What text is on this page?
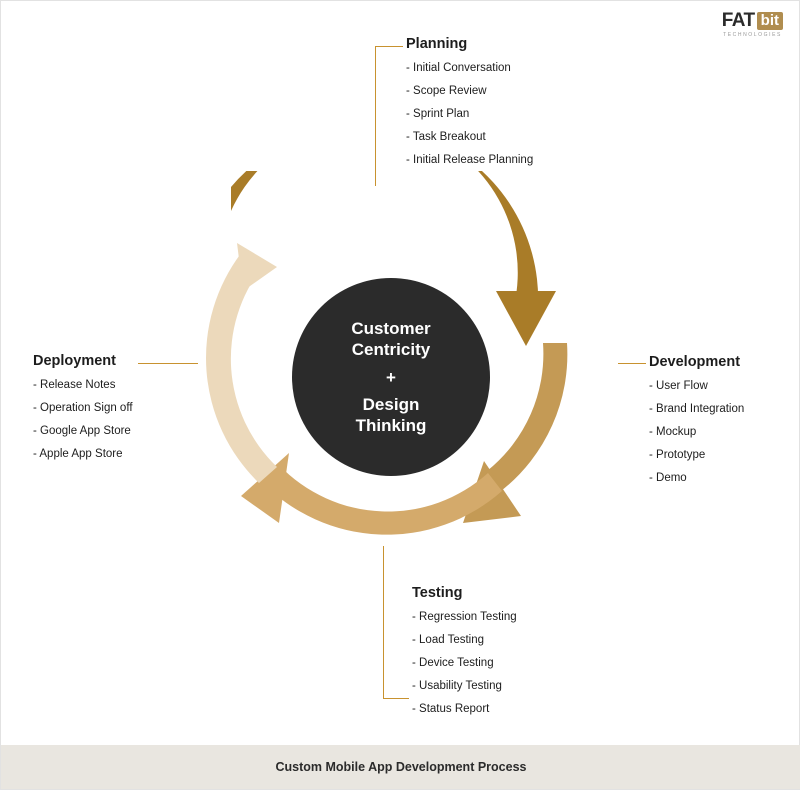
FAT bit
TECHNOLOGIES
Customer
Centricity
+
Design
Thinking
Planning
- Initial Conversation
- Scope Review
- Sprint Plan
- Task Breakout
- Initial Release Planning
Development
- User Flow
- Brand Integration
- Mockup
- Prototype
- Demo
Testing
- Regression Testing
- Load Testing
- Device Testing
- Usability Testing
- Status Report
Deployment
- Release Notes
- Operation Sign off
- Google App Store
- Apple App Store
Custom Mobile App Development Process
